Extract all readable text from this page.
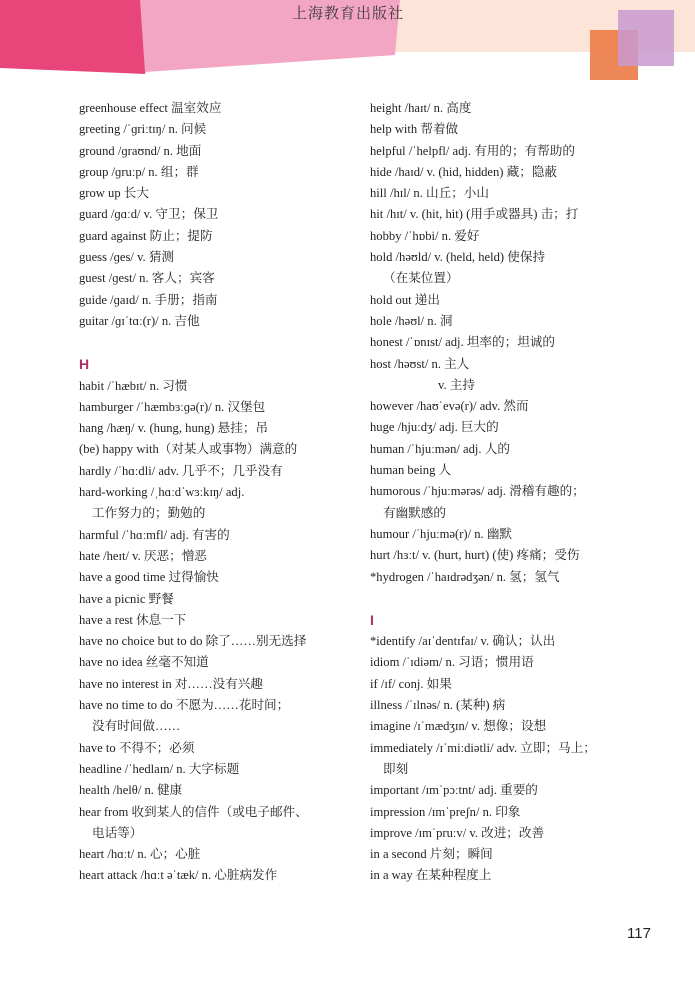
上海教育出版社
greenhouse effect 温室效应
greeting /ˈɡriːtɪŋ/ n. 问候
ground /ɡraʊnd/ n. 地面
group /ɡruːp/ n. 组；群
grow up 长大
guard /ɡɑːd/ v. 守卫；保卫
guard against 防止；提防
guess /ɡes/ v. 猜测
guest /ɡest/ n. 客人；宾客
guide /ɡaɪd/ n. 手册；指南
guitar /ɡɪˈtɑː(r)/ n. 吉他
H
habit /ˈhæbɪt/ n. 习惯
hamburger /ˈhæmbɜːɡə(r)/ n. 汉堡包
hang /hæŋ/ v. (hung, hung) 悬挂；吊
(be) happy with（对某人或事物）满意的
hardly /ˈhɑːdli/ adv. 几乎不；几乎没有
hard-working /ˌhɑːdˈwɜːkɪŋ/ adj.
工作努力的；勤勉的
harmful /ˈhɑːmfl/ adj. 有害的
hate /heɪt/ v. 厌恶；憎恶
have a good time 过得愉快
have a picnic 野餐
have a rest 休息一下
have no choice but to do 除了……别无选择
have no idea 丝毫不知道
have no interest in 对……没有兴趣
have no time to do 不愿为……花时间；
没有时间做……
have to 不得不；必须
headline /ˈhedlaɪn/ n. 大字标题
health /helθ/ n. 健康
hear from 收到某人的信件（或电子邮件、
电话等）
heart /hɑːt/ n. 心；心脏
heart attack /hɑːt əˈtæk/ n. 心脏病发作
height /haɪt/ n. 高度
help with 帮着做
helpful /ˈhelpfl/ adj. 有用的；有帮助的
hide /haɪd/ v. (hid, hidden) 藏；隐蔽
hill /hɪl/ n. 山丘；小山
hit /hɪt/ v. (hit, hit) (用手或器具) 击；打
hobby /ˈhɒbi/ n. 爱好
hold /həʊld/ v. (held, held) 使保持
（在某位置）
hold out 递出
hole /həʊl/ n. 洞
honest /ˈɒnɪst/ adj. 坦率的；坦诚的
host /həʊst/ n. 主人
v. 主持
however /haʊˈevə(r)/ adv. 然而
huge /hjuːdʒ/ adj. 巨大的
human /ˈhjuːmən/ adj. 人的
human being 人
humorous /ˈhjuːmərəs/ adj. 滑稽有趣的；
有幽默感的
humour /ˈhjuːmə(r)/ n. 幽默
hurt /hɜːt/ v. (hurt, hurt) (使) 疼痛；受伤
*hydrogen /ˈhaɪdrədʒən/ n. 氢；氢气
I
*identify /aɪˈdentɪfaɪ/ v. 确认；认出
idiom /ˈɪdiəm/ n. 习语；惯用语
if /ɪf/ conj. 如果
illness /ˈɪlnəs/ n. (某种) 病
imagine /ɪˈmædʒɪn/ v. 想像；设想
immediately /ɪˈmiːdiətli/ adv. 立即；马上；
即刻
important /ɪmˈpɔːtnt/ adj. 重要的
impression /ɪmˈpreʃn/ n. 印象
improve /ɪmˈpruːv/ v. 改进；改善
in a second 片刻；瞬间
in a way 在某种程度上
117
